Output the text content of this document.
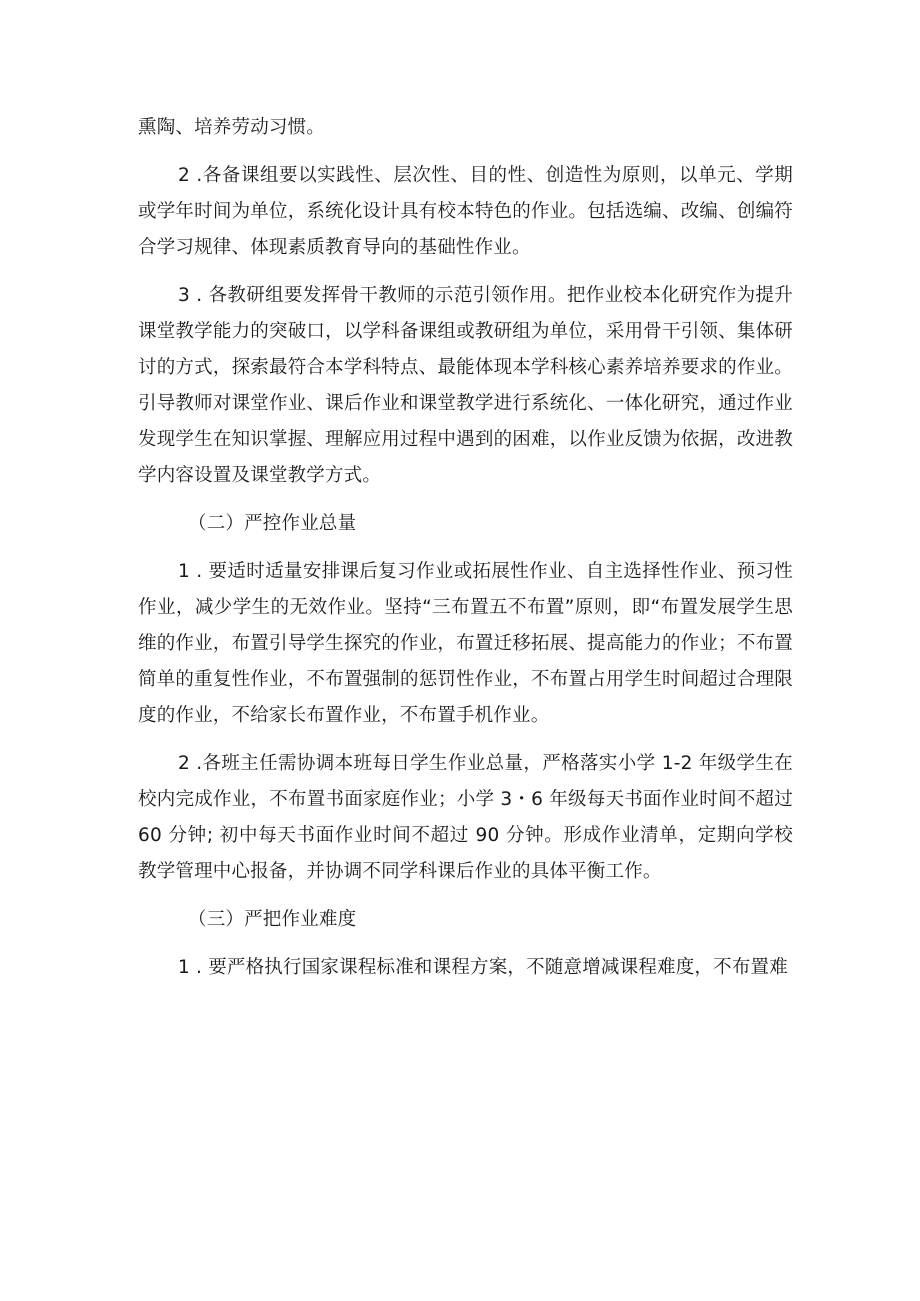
熏陶、培养劳动习惯。

2 .各备课组要以实践性、层次性、目的性、创造性为原则，以单元、学期或学年时间为单位，系统化设计具有校本特色的作业。包括选编、改编、创编符合学习规律、体现素质教育导向的基础性作业。

3 . 各教研组要发挥骨干教师的示范引领作用。把作业校本化研究作为提升课堂教学能力的突破口，以学科备课组或教研组为单位，采用骨干引领、集体研讨的方式，探索最符合本学科特点、最能体现本学科核心素养培养要求的作业。引导教师对课堂作业、课后作业和课堂教学进行系统化、一体化研究，通过作业发现学生在知识掌握、理解应用过程中遇到的困难，以作业反馈为依据，改进教学内容设置及课堂教学方式。

（二）严控作业总量

1 . 要适时适量安排课后复习作业或拓展性作业、自主选择性作业、预习性作业，减少学生的无效作业。坚持“三布置五不布置”原则，即“布置发展学生思维的作业，布置引导学生探究的作业，布置迁移拓展、提高能力的作业；不布置简单的重复性作业，不布置强制的惩罚性作业，不布置占用学生时间超过合理限度的作业，不给家长布置作业，不布置手机作业。

2 .各班主任需协调本班每日学生作业总量，严格落实小学 1-2 年级学生在校内完成作业，不布置书面家庭作业；小学 3・6 年级每天书面作业时间不超过 60 分钟; 初中每天书面作业时间不超过 90 分钟。形成作业清单，定期向学校教学管理中心报备，并协调不同学科课后作业的具体平衡工作。

（三）严把作业难度

1 . 要严格执行国家课程标准和课程方案，不随意增减课程难度，不布置难
